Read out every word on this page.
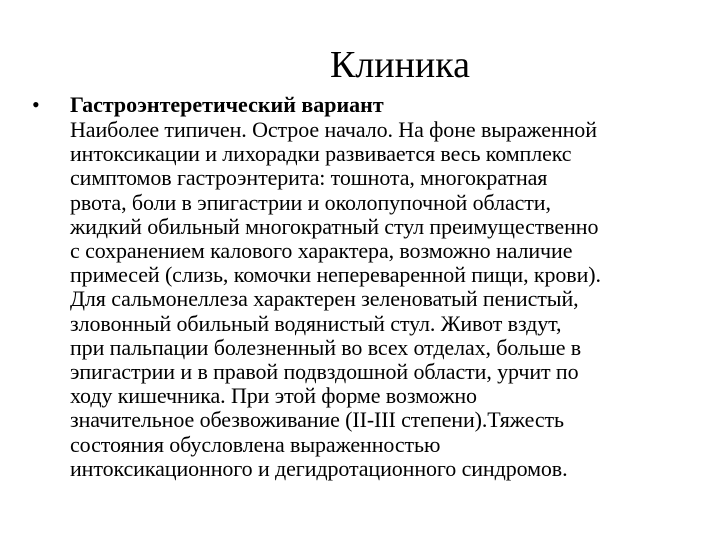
Клиника
•	Гастроэнтеретический вариант

Наиболее типичен. Острое начало. На фоне выраженной
интоксикации и лихорадки развивается весь комплекс
симптомов гастроэнтерита: тошнота, многократная
рвота, боли в эпигастрии и околопупочной области,
жидкий обильный многократный стул преимущественно
с сохранением калового характера, возможно наличие
примесей (слизь, комочки непереваренной пищи, крови).
Для сальмонеллеза характерен зеленоватый пенистый,
зловонный обильный водянистый стул. Живот вздут,
при пальпации болезненный во всех отделах, больше в
эпигастрии и в правой подвздошной области, урчит по
ходу кишечника. При этой форме возможно
значительное обезвоживание (II-III степени).Тяжесть
состояния обусловлена выраженностью
интоксикационного и дегидротационного синдромов.
